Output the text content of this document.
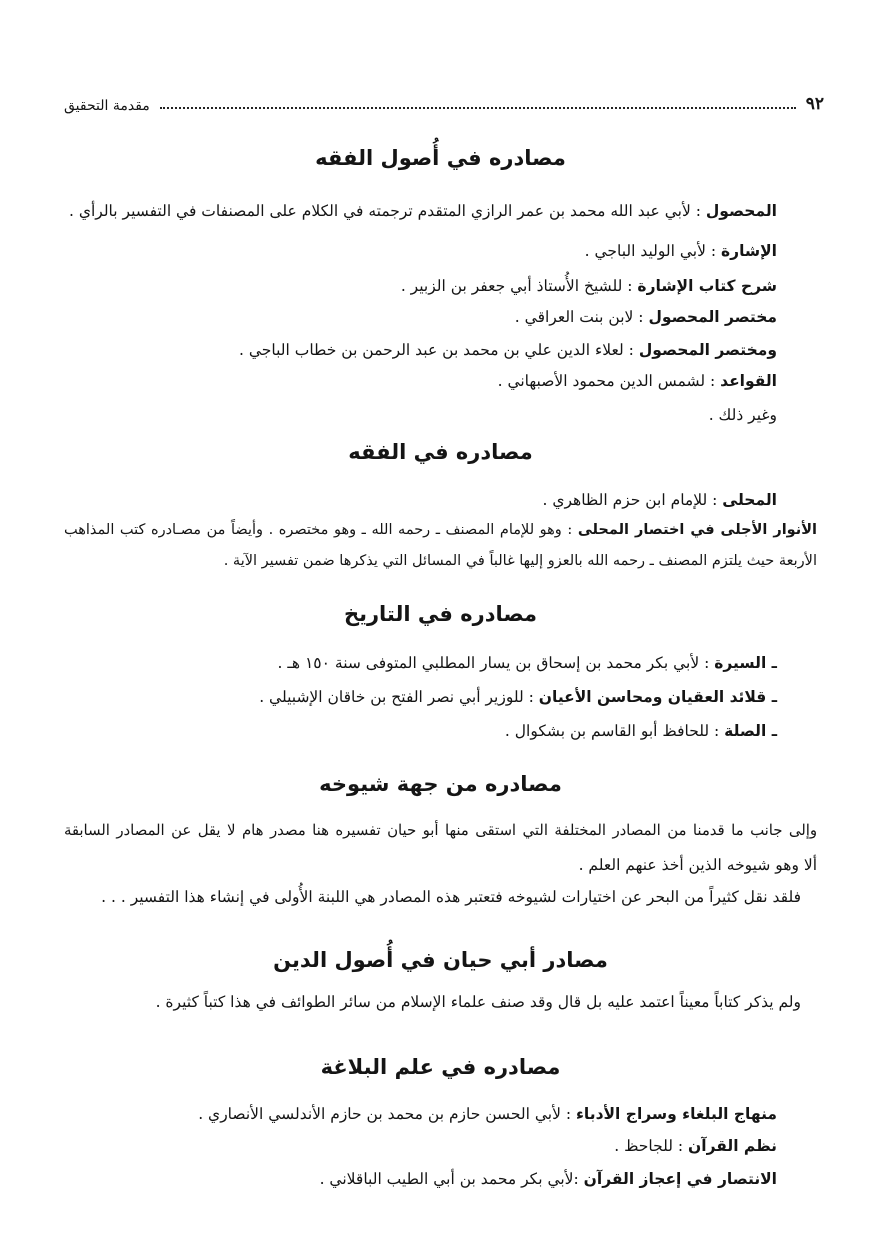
٩٢
مقدمة التحقيق
مصادره في أُصول الفقه

المحصول : لأبي عبد الله محمد بن عمر الرازي المتقدم ترجمته في الكلام على المصنفات في التفسير بالرأي .

الإشارة : لأبي الوليد الباجي .

شرح كتاب الإشارة : للشيخ الأُستاذ أبي جعفر بن الزبير .

مختصر المحصول : لابن بنت العراقي .

ومختصر المحصول : لعلاء الدين علي بن محمد بن عبد الرحمن بن خطاب الباجي .

القواعد : لشمس الدين محمود الأصبهاني .

وغير ذلك .

مصادره في الفقه

المحلى : للإمام ابن حزم الظاهري .

الأنوار الأجلى في اختصار المحلى : وهو للإمام المصنف ـ رحمه الله ـ وهو مختصره . وأيضاً من مصـادره كتب المذاهب

الأربعة حيث يلتزم المصنف ـ رحمه الله بالعزو إليها غالباً في المسائل التي يذكرها ضمن تفسير الآية .

مصادره في التاريخ

ـ السيرة : لأبي بكر محمد بن إسحاق بن يسار المطلبي المتوفى سنة ١٥٠ هـ .

ـ قلائد العقيان ومحاسن الأعيان : للوزير أبي نصر الفتح بن خاقان الإشبيلي .

ـ الصلة : للحافظ أبو القاسم بن بشكوال .

مصادره من جهة شيوخه

وإلى جانب ما قدمنا من المصادر المختلفة التي استقى منها أبو حيان تفسيره هنا مصدر هام لا يقل عن المصادر السابقة

ألا وهو شيوخه الذين أخذ عنهم العلم .

فلقد نقل كثيراً من البحر عن اختيارات لشيوخه فتعتبر هذه المصادر هي اللبنة الأُولى في إنشاء هذا التفسير . . .

مصادر أبي حيان في أُصول الدين

ولم يذكر كتاباً معيناً اعتمد عليه بل قال وقد صنف علماء الإسلام من سائر الطوائف في هذا كتباً كثيرة .

مصادره في علم البلاغة

منهاج البلغاء وسراج الأدباء : لأبي الحسن حازم بن محمد بن حازم الأندلسي الأنصاري .

نظم القرآن : للجاحظ .

الانتصار في إعجاز القرآن :لأبي بكر محمد بن أبي الطيب الباقلاني .
